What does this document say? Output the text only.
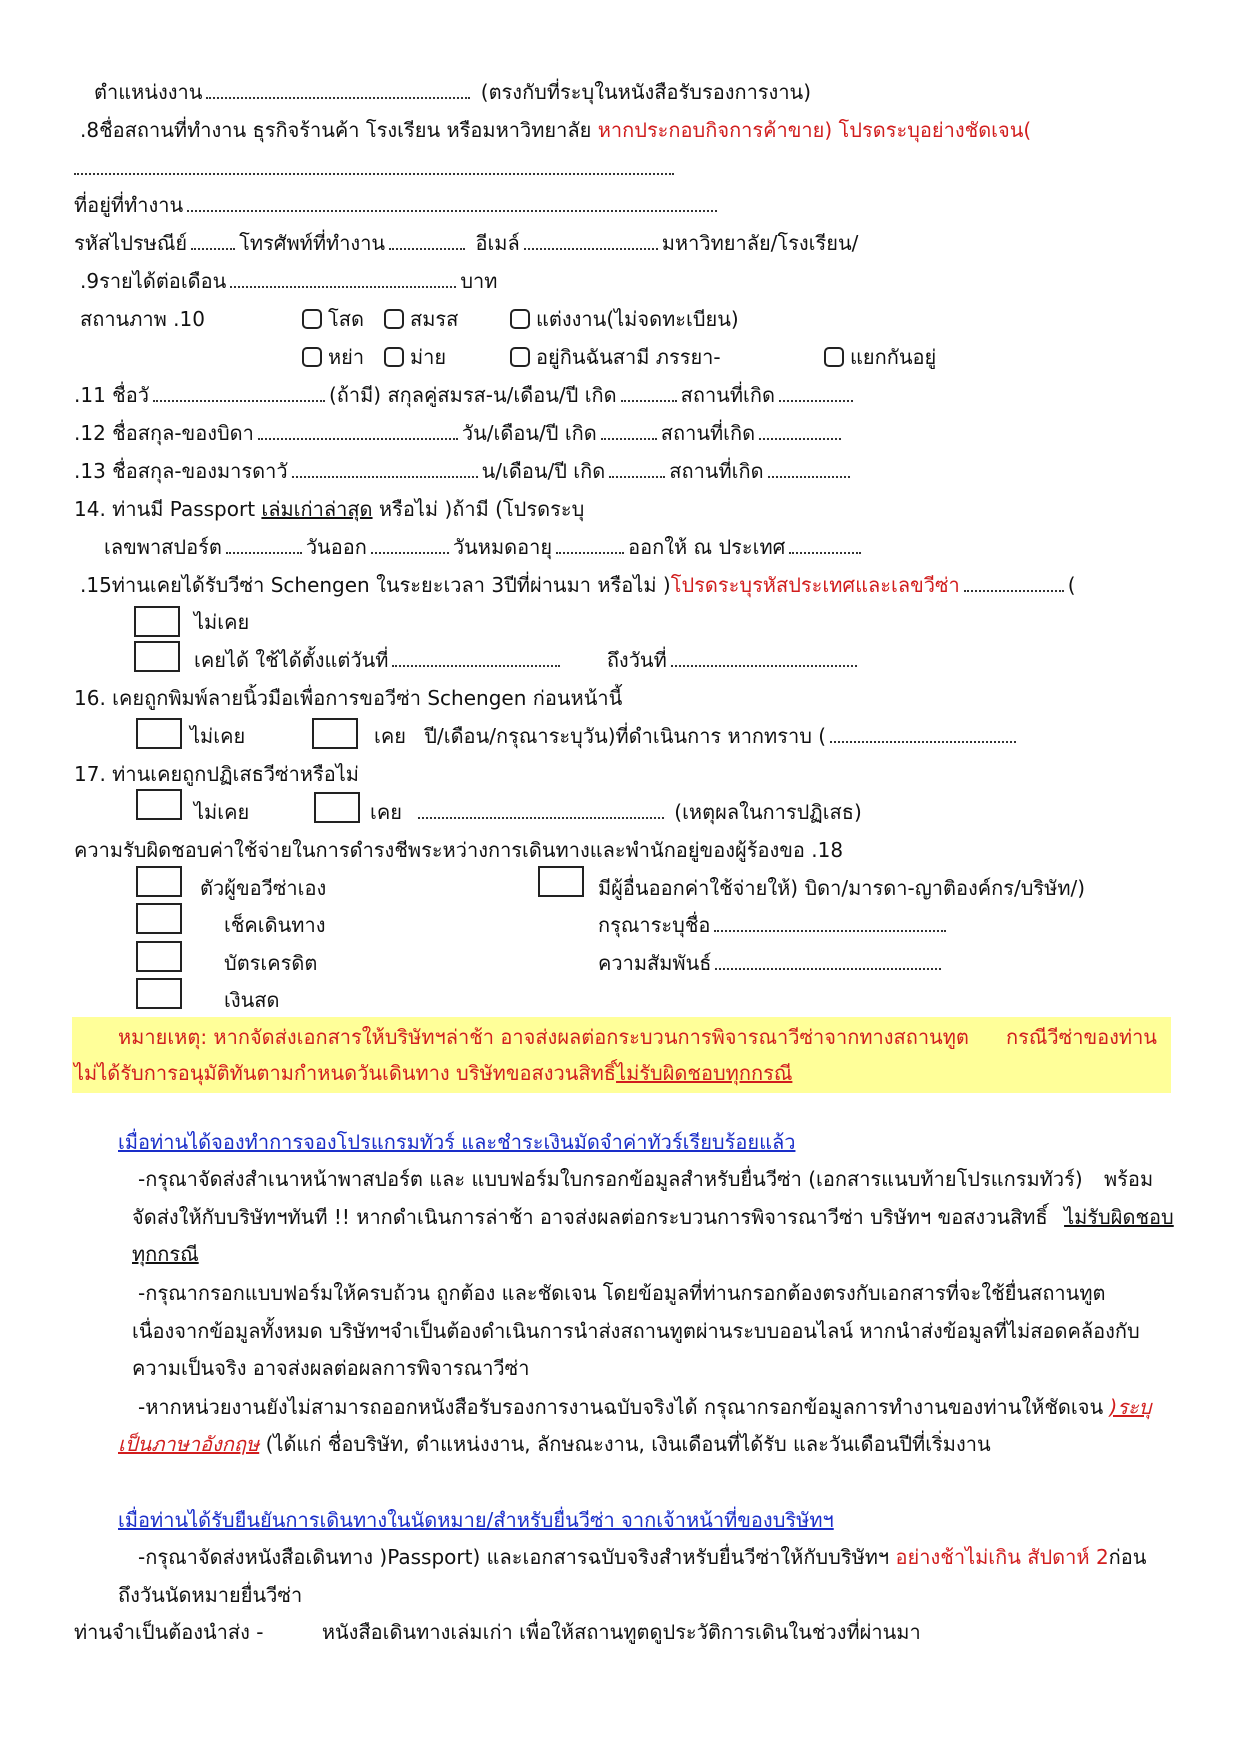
ตำแหน่งงาน	(ตรงกับที่ระบุในหนังสือรับรองการงาน)
.8ชื่อสถานที่ทำงาน ธุรกิจร้านค้า โรงเรียน หรือมหาวิทยาลัย หากประกอบกิจการค้าขาย) โปรดระบุอย่างชัดเจน(
ที่อยู่ที่ทำงาน
รหัสไปรษณีย์	โทรศัพท์ที่ทำงาน	อีเมล์	มหาวิทยาลัย/โรงเรียน/
.9รายได้ต่อเดือน	บาท
สถานภาพ .10	โสด	สมรส	แต่งงาน(ไม่จดทะเบียน)
หย่า	ม่าย	อยู่กินฉันสามี ภรรยา-	แยกกันอยู่
.11 ชื่อวั	(ถ้ามี) สกุลคู่สมรส-น/เดือน/ปี เกิด	สถานที่เกิด
.12 ชื่อสกุล-ของบิดา	วัน/เดือน/ปี เกิด	สถานที่เกิด
.13 ชื่อสกุล-ของมารดาวั	น/เดือน/ปี เกิด	สถานที่เกิด
14. ท่านมี Passport เล่มเก่าล่าสุด หรือไม่ )ถ้ามี (โปรดระบุ
เลขพาสปอร์ต	วันออก	วันหมดอายุ	ออกให้ ณ ประเทศ
.15ท่านเคยได้รับวีซ่า Schengen ในระยะเวลา 3ปีที่ผ่านมา หรือไม่ )โปรดระบุรหัสประเทศและเลขวีซ่า	(
ไม่เคย
เคยได้ ใช้ได้ตั้งแต่วันที่	ถึงวันที่
16. เคยถูกพิมพ์ลายนิ้วมือเพื่อการขอวีซ่า Schengen ก่อนหน้านี้
ไม่เคย	เคย ปี/เดือน/กรุณาระบุวัน)ที่ดำเนินการ หากทราบ (
17. ท่านเคยถูกปฏิเสธวีซ่าหรือไม่
ไม่เคย	เคย	(เหตุผลในการปฏิเสธ)
ความรับผิดชอบค่าใช้จ่ายในการดำรงชีพระหว่างการเดินทางและพำนักอยู่ของผู้ร้องขอ .18
ตัวผู้ขอวีซ่าเอง	มีผู้อื่นออกค่าใช้จ่ายให้) บิดา/มารดา-ญาติองค์กร/บริษัท/)
เช็คเดินทาง	กรุณาระบุชื่อ
บัตรเครดิต	ความสัมพันธ์
เงินสด
หมายเหตุ: หากจัดส่งเอกสารให้บริษัทฯล่าช้า อาจส่งผลต่อกระบวนการพิจารณาวีซ่าจากทางสถานทูต กรณีวีซ่าของท่าน
ไม่ได้รับการอนุมัติทันตามกำหนดวันเดินทาง บริษัทขอสงวนสิทธิ์ไม่รับผิดชอบทุกกรณี
เมื่อท่านได้จองทำการจองโปรแกรมทัวร์ และชำระเงินมัดจำค่าทัวร์เรียบร้อยแล้ว
-กรุณาจัดส่งสำเนาหน้าพาสปอร์ต และ แบบฟอร์มใบกรอกข้อมูลสำหรับยื่นวีซ่า (เอกสารแนบท้ายโปรแกรมทัวร์) พร้อม
จัดส่งให้กับบริษัทฯทันที !! หากดำเนินการล่าช้า อาจส่งผลต่อกระบวนการพิจารณาวีซ่า บริษัทฯ ขอสงวนสิทธิ์ ไม่รับผิดชอบ
ทุกกรณี
-กรุณากรอกแบบฟอร์มให้ครบถ้วน ถูกต้อง และชัดเจน โดยข้อมูลที่ท่านกรอกต้องตรงกับเอกสารที่จะใช้ยื่นสถานทูต
เนื่องจากข้อมูลทั้งหมด บริษัทฯจำเป็นต้องดำเนินการนำส่งสถานทูตผ่านระบบออนไลน์ หากนำส่งข้อมูลที่ไม่สอดคล้องกับ
ความเป็นจริง อาจส่งผลต่อผลการพิจารณาวีซ่า
-หากหน่วยงานยังไม่สามารถออกหนังสือรับรองการงานฉบับจริงได้ กรุณากรอกข้อมูลการทำงานของท่านให้ชัดเจน )ระบุ
เป็นภาษาอังกฤษ (ได้แก่ ชื่อบริษัท, ตำแหน่งงาน, ลักษณะงาน, เงินเดือนที่ได้รับ และวันเดือนปีที่เริ่มงาน
เมื่อท่านได้รับยืนยันการเดินทางในนัดหมาย/สำหรับยื่นวีซ่า จากเจ้าหน้าที่ของบริษัทฯ
-กรุณาจัดส่งหนังสือเดินทาง )Passport) และเอกสารฉบับจริงสำหรับยื่นวีซ่าให้กับบริษัทฯ อย่างช้าไม่เกิน สัปดาห์ 2ก่อน
ถึงวันนัดหมายยื่นวีซ่า
ท่านจำเป็นต้องนำส่ง -	หนังสือเดินทางเล่มเก่า เพื่อให้สถานทูตดูประวัติการเดินในช่วงที่ผ่านมา
